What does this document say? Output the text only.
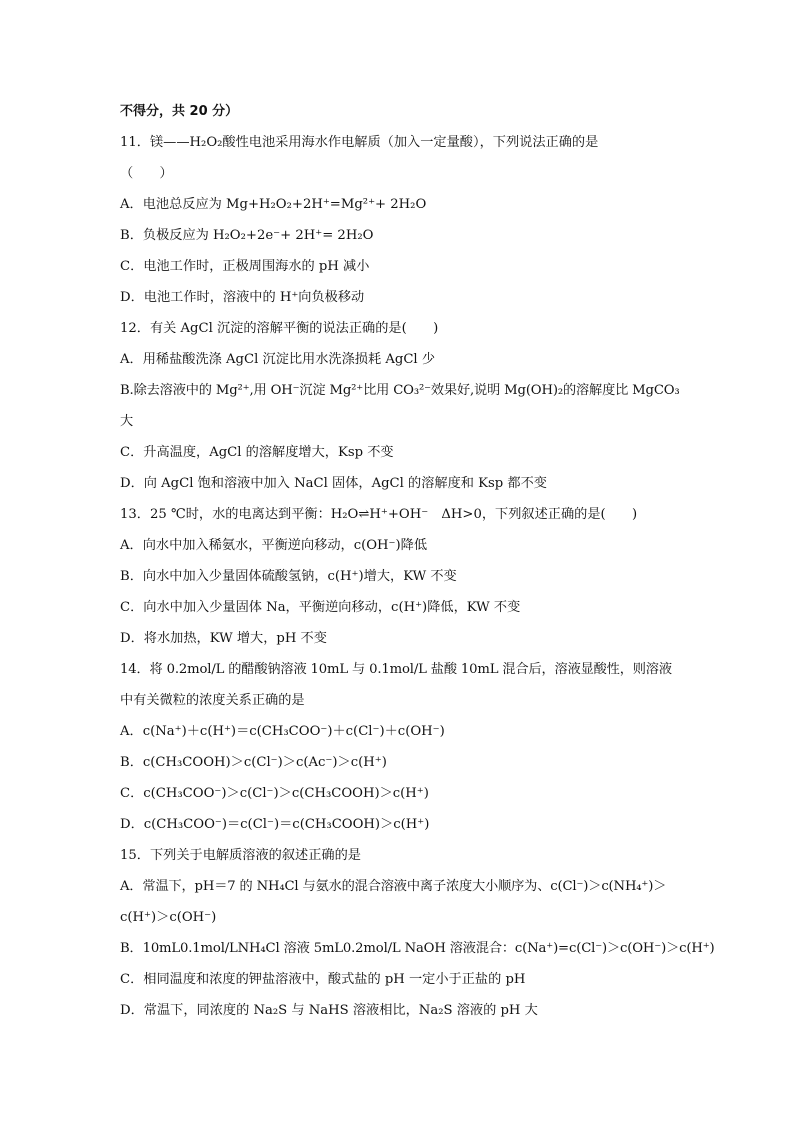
不得分，共 20 分）
11．镁——H₂O₂酸性电池采用海水作电解质（加入一定量酸），下列说法正确的是
（　　）
A．电池总反应为 Mg+H₂O₂+2H⁺=Mg²⁺+ 2H₂O
B．负极反应为 H₂O₂+2e⁻+ 2H⁺= 2H₂O
C．电池工作时，正极周围海水的 pH 减小
D．电池工作时，溶液中的 H⁺向负极移动
12．有关 AgCl 沉淀的溶解平衡的说法正确的是(　　)
A．用稀盐酸洗涤 AgCl 沉淀比用水洗涤损耗 AgCl 少
B.除去溶液中的 Mg²⁺,用 OH⁻沉淀 Mg²⁺比用 CO₃²⁻效果好,说明 Mg(OH)₂的溶解度比 MgCO₃
大
C．升高温度，AgCl 的溶解度增大，Ksp 不变
D．向 AgCl 饱和溶液中加入 NaCl 固体，AgCl 的溶解度和 Ksp 都不变
13．25 ℃时，水的电离达到平衡：H₂O⇌H⁺+OH⁻　ΔH>0，下列叙述正确的是(　　)
A．向水中加入稀氨水，平衡逆向移动，c(OH⁻)降低
B．向水中加入少量固体硫酸氢钠，c(H⁺)增大，KW 不变
C．向水中加入少量固体 Na，平衡逆向移动，c(H⁺)降低，KW 不变
D．将水加热，KW 增大，pH 不变
14．将 0.2mol/L 的醋酸钠溶液 10mL 与 0.1mol/L 盐酸 10mL 混合后，溶液显酸性，则溶液
中有关微粒的浓度关系正确的是
A．c(Na⁺)＋c(H⁺)＝c(CH₃COO⁻)＋c(Cl⁻)＋c(OH⁻)
B．c(CH₃COOH)＞c(Cl⁻)＞c(Ac⁻)＞c(H⁺)
C．c(CH₃COO⁻)＞c(Cl⁻)＞c(CH₃COOH)＞c(H⁺)
D．c(CH₃COO⁻)＝c(Cl⁻)＝c(CH₃COOH)＞c(H⁺)
15．下列关于电解质溶液的叙述正确的是
A．常温下，pH＝7 的 NH₄Cl 与氨水的混合溶液中离子浓度大小顺序为、c(Cl⁻)＞c(NH₄⁺)＞
c(H⁺)＞c(OH⁻)
B．10mL0.1mol/LNH₄Cl 溶液 5mL0.2mol/L NaOH 溶液混合：c(Na⁺)=c(Cl⁻)＞c(OH⁻)＞c(H⁺)
C．相同温度和浓度的钾盐溶液中，酸式盐的 pH 一定小于正盐的 pH
D．常温下，同浓度的 Na₂S 与 NaHS 溶液相比，Na₂S 溶液的 pH 大
